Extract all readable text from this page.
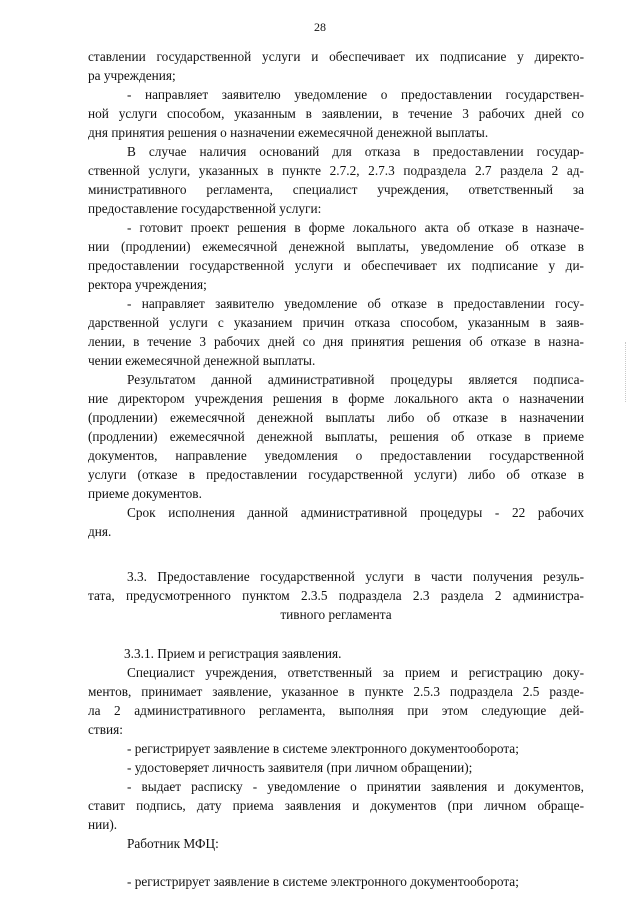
28
ставлении государственной услуги и обеспечивает их подписание у директо-
ра учреждения;
- направляет заявителю уведомление о предоставлении государствен-
ной услуги способом, указанным в заявлении, в течение 3 рабочих дней со
дня принятия решения о назначении ежемесячной денежной выплаты.
В случае наличия оснований для отказа в предоставлении государ-
ственной услуги, указанных в пункте 2.7.2, 2.7.3 подраздела 2.7 раздела 2 ад-
министративного регламента, специалист учреждения, ответственный за
предоставление государственной услуги:
- готовит проект решения в форме локального акта об отказе в назначе-
нии (продлении) ежемесячной денежной выплаты, уведомление об отказе в
предоставлении государственной услуги и обеспечивает их подписание у ди-
ректора учреждения;
- направляет заявителю уведомление об отказе в предоставлении госу-
дарственной услуги с указанием причин отказа способом, указанным в заяв-
лении, в течение 3 рабочих дней со дня принятия решения об отказе в назна-
чении ежемесячной денежной выплаты.
Результатом данной административной процедуры является подписа-
ние директором учреждения решения в форме локального акта о назначении
(продлении) ежемесячной денежной выплаты либо об отказе в назначении
(продлении) ежемесячной денежной выплаты, решения об отказе в приеме
документов, направление уведомления о предоставлении государственной
услуги (отказе в предоставлении государственной услуги) либо об отказе в
приеме документов.
Срок исполнения данной административной процедуры - 22 рабочих
дня.
3.3. Предоставление государственной услуги в части получения резуль-
тата, предусмотренного пунктом 2.3.5 подраздела 2.3 раздела 2 администра-
тивного регламента
3.3.1. Прием и регистрация заявления.
Специалист учреждения, ответственный за прием и регистрацию доку-
ментов, принимает заявление, указанное в пункте 2.5.3 подраздела 2.5 разде-
ла 2 административного регламента, выполняя при этом следующие дей-
ствия:
- регистрирует заявление в системе электронного документооборота;
- удостоверяет личность заявителя (при личном обращении);
- выдает расписку - уведомление о принятии заявления и документов,
ставит подпись, дату приема заявления и документов (при личном обраще-
нии).
Работник МФЦ:
- регистрирует заявление в системе электронного документооборота;
